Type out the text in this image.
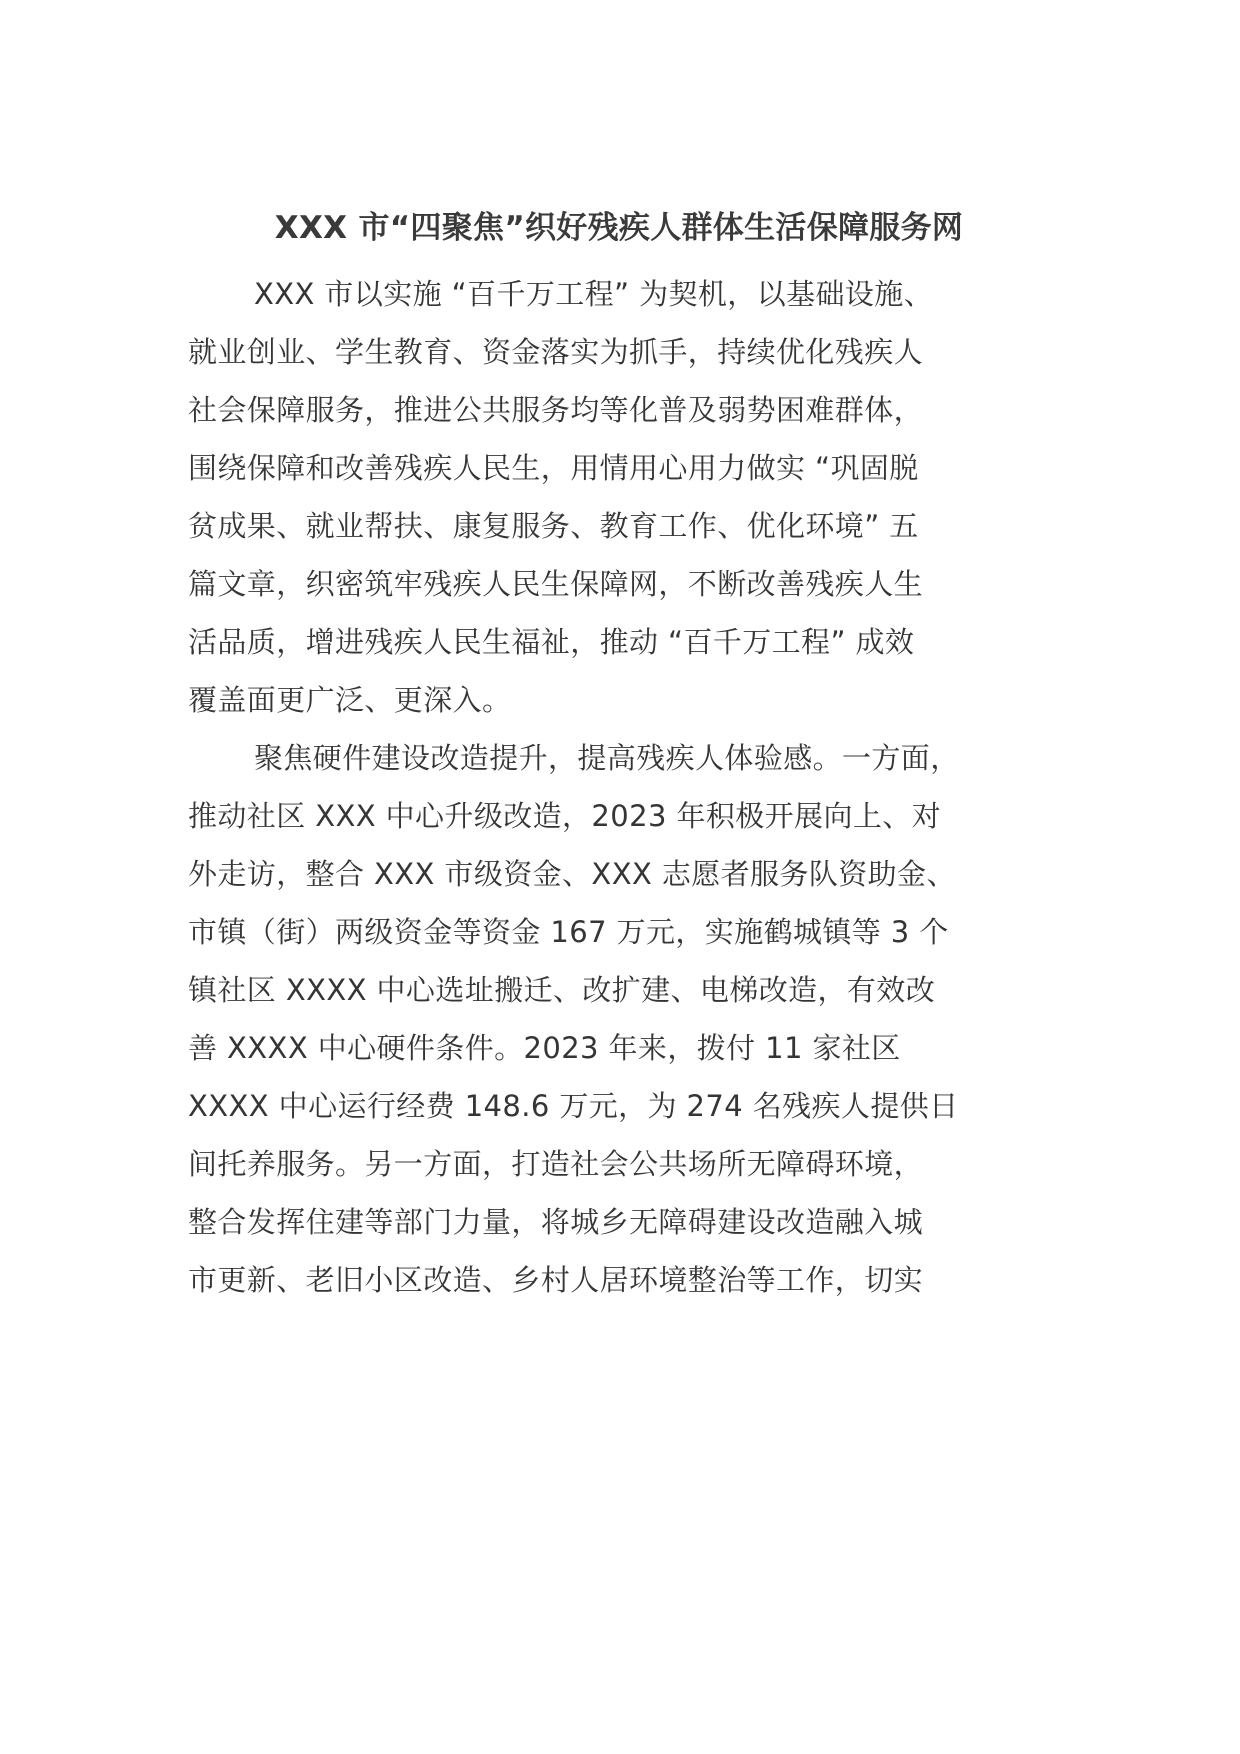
XXX 市“四聚焦”织好残疾人群体生活保障服务网

XXX 市以实施 “百千万工程” 为契机，以基础设施、

就业创业、学生教育、资金落实为抓手，持续优化残疾人

社会保障服务，推进公共服务均等化普及弱势困难群体，

围绕保障和改善残疾人民生，用情用心用力做实 “巩固脱

贫成果、就业帮扶、康复服务、教育工作、优化环境” 五

篇文章，织密筑牢残疾人民生保障网，不断改善残疾人生

活品质，增进残疾人民生福祉，推动 “百千万工程” 成效

覆盖面更广泛、更深入。

聚焦硬件建设改造提升，提高残疾人体验感。一方面，

推动社区 XXX 中心升级改造，2023 年积极开展向上、对

外走访，整合 XXX 市级资金、XXX 志愿者服务队资助金、

市镇（街）两级资金等资金 167 万元，实施鹤城镇等 3 个

镇社区 XXXX 中心选址搬迁、改扩建、电梯改造，有效改

善 XXXX 中心硬件条件。2023 年来，拨付 11 家社区

XXXX 中心运行经费 148.6 万元，为 274 名残疾人提供日

间托养服务。另一方面，打造社会公共场所无障碍环境，

整合发挥住建等部门力量，将城乡无障碍建设改造融入城

市更新、老旧小区改造、乡村人居环境整治等工作，切实
